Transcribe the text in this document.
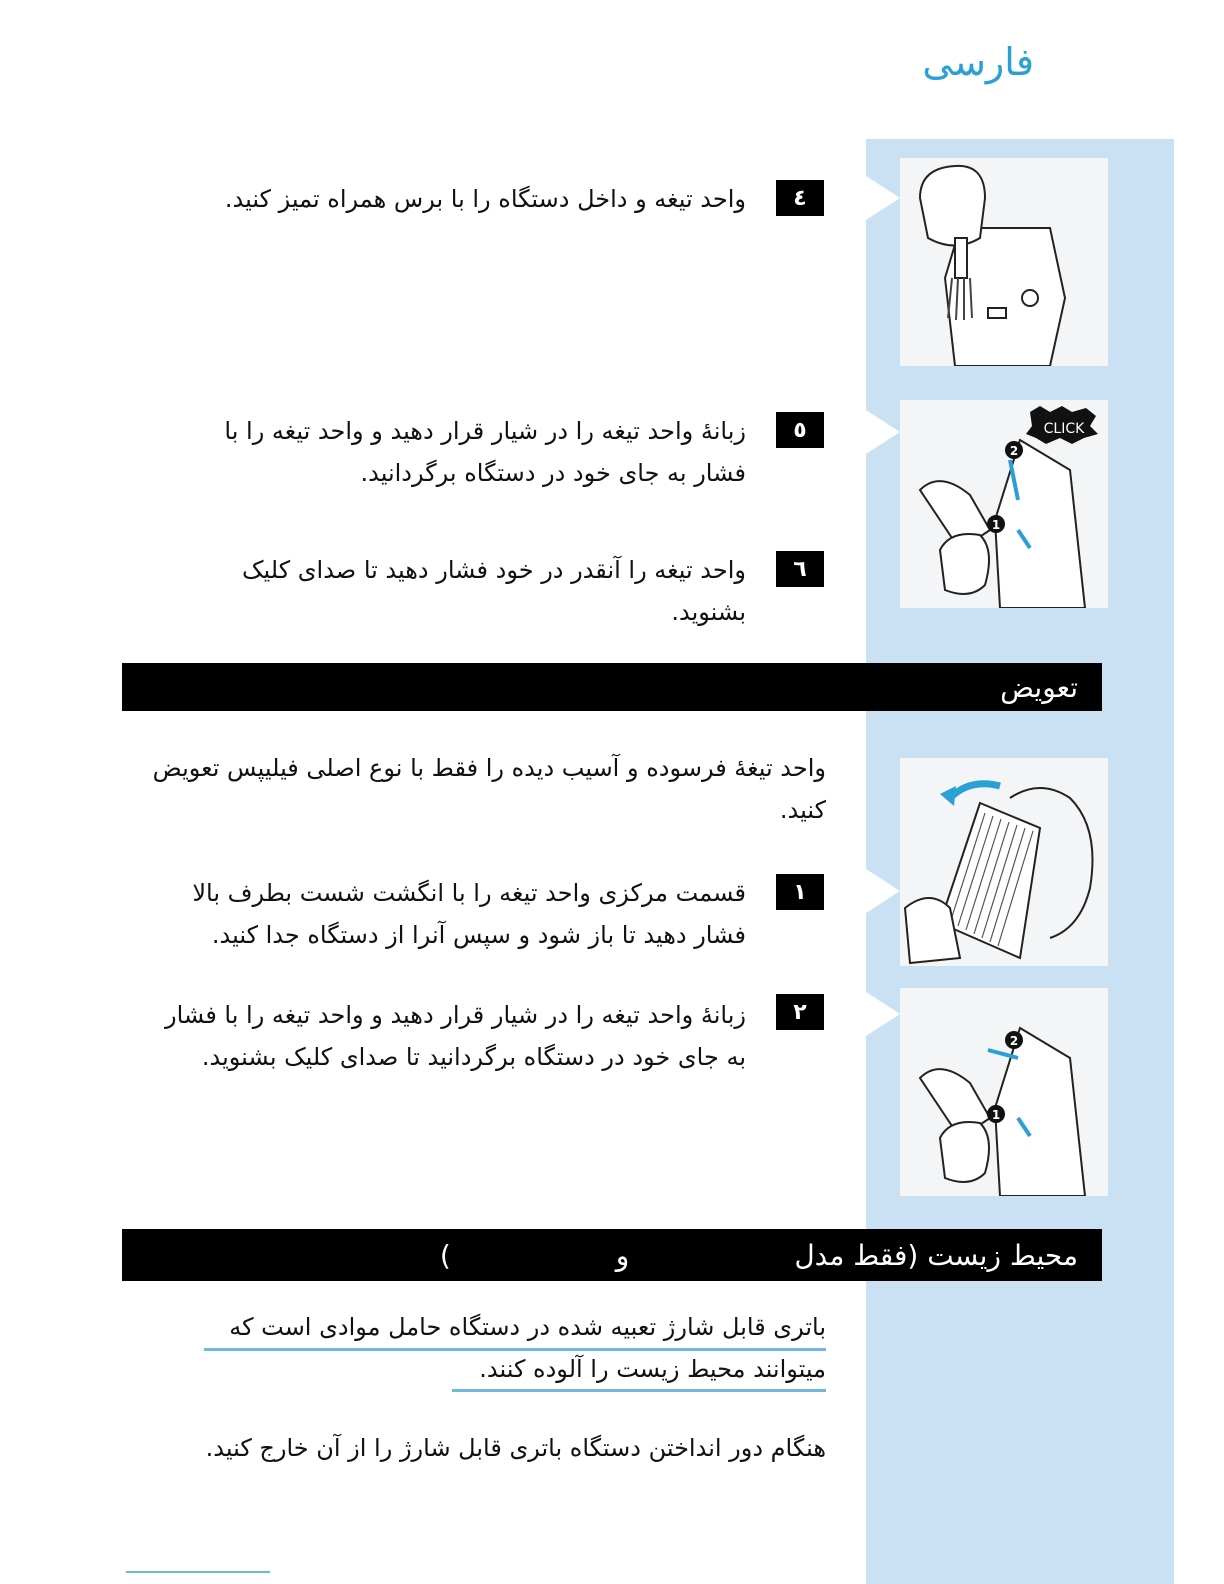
فارسی
٤
واحد تیغه و داخل دستگاه را با برس همراه تمیز کنید.
٥
زبانۀ واحد تیغه را در شیار قرار دهید و واحد تیغه را با فشار به جای خود در دستگاه برگردانید.
٦
واحد تیغه را آنقدر در خود فشار دهید تا صدای کلیک بشنوید.
2
1
CLICK
تعویض
واحد تیغۀ فرسوده و آسیب دیده را فقط با نوع اصلی فیلیپس تعویض کنید.
١
قسمت مرکزی واحد تیغه را با انگشت شست بطرف بالا فشار دهید تا باز شود و سپس آنرا از دستگاه جدا کنید.
٢
زبانۀ واحد تیغه را در شیار قرار دهید و واحد تیغه را با فشار به جای خود در دستگاه برگردانید تا صدای کلیک بشنوید.
2
1
محیط زیست (فقط مدل
و
)
باتری قابل شارژ تعبیه شده در دستگاه حامل موادی است که میتوانند محیط زیست را آلوده کنند.
هنگام دور انداختن دستگاه باتری قابل شارژ را از آن خارج کنید.
